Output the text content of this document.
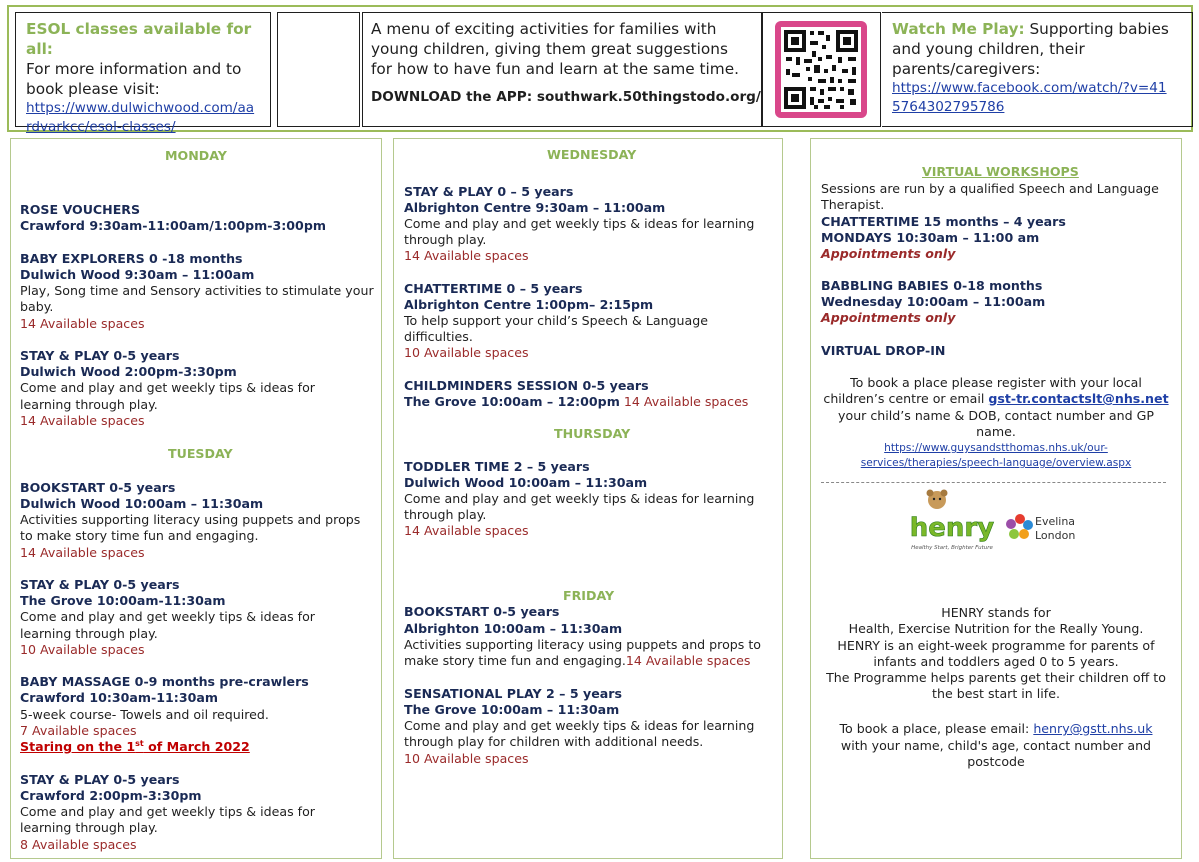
ESOL classes available for all:
For more information and to
book please visit:
https://www.dulwichwood.com/aa
rdvarkcc/esol-classes/
A menu of exciting activities for families with
young children, giving them great suggestions
for how to have fun and learn at the same time.
DOWNLOAD the APP: southwark.50thingstodo.org/
Watch Me Play: Supporting babies
and young children, their
parents/caregivers:
https://www.facebook.com/watch/?v=41
5764302795786
MONDAY
ROSE VOUCHERS
Crawford 9:30am-11:00am/1:00pm-3:00pm
BABY EXPLORERS 0 -18 months
Dulwich Wood 9:30am – 11:00am
Play, Song time and Sensory activities to stimulate your
baby.
14 Available spaces
STAY & PLAY 0-5 years
Dulwich Wood 2:00pm-3:30pm
Come and play and get weekly tips & ideas for
learning through play.
14 Available spaces
TUESDAY
BOOKSTART 0-5 years
Dulwich Wood 10:00am – 11:30am
Activities supporting literacy using puppets and props
to make story time fun and engaging.
14 Available spaces
STAY & PLAY 0-5 years
The Grove 10:00am-11:30am
Come and play and get weekly tips & ideas for
learning through play.
10 Available spaces
BABY MASSAGE 0-9 months pre-crawlers
Crawford 10:30am-11:30am
5-week course- Towels and oil required.
7 Available spaces
Staring on the 1st of March 2022
STAY & PLAY 0-5 years
Crawford 2:00pm-3:30pm
Come and play and get weekly tips & ideas for
learning through play.
8 Available spaces
WEDNESDAY
STAY & PLAY 0 – 5 years
Albrighton Centre 9:30am – 11:00am
Come and play and get weekly tips & ideas for learning
through play.
14 Available spaces
CHATTERTIME 0 – 5 years
Albrighton Centre 1:00pm– 2:15pm
To help support your child’s Speech & Language
difficulties.
10 Available spaces
CHILDMINDERS SESSION 0-5 years
The Grove 10:00am – 12:00pm 14 Available spaces
THURSDAY
TODDLER TIME 2 – 5 years
Dulwich Wood 10:00am – 11:30am
Come and play and get weekly tips & ideas for learning
through play.
14 Available spaces
FRIDAY
BOOKSTART 0-5 years
Albrighton 10:00am – 11:30am
Activities supporting literacy using puppets and props to
make story time fun and engaging.14 Available spaces
SENSATIONAL PLAY 2 – 5 years
The Grove 10:00am – 11:30am
Come and play and get weekly tips & ideas for learning
through play for children with additional needs.
10 Available spaces
VIRTUAL WORKSHOPS
Sessions are run by a qualified Speech and Language
Therapist.
CHATTERTIME 15 months – 4 years
MONDAYS 10:30am – 11:00 am
Appointments only
BABBLING BABIES 0-18 months
Wednesday 10:00am – 11:00am
Appointments only
VIRTUAL DROP-IN
To book a place please register with your local
children’s centre or email gst-tr.contactslt@nhs.net
your child’s name & DOB, contact number and GP
name.
https://www.guysandstthomas.nhs.uk/our-
services/therapies/speech-language/overview.aspx
henry
Healthy Start, Brighter Future
Evelina
London
HENRY stands for
Health, Exercise Nutrition for the Really Young.
HENRY is an eight-week programme for parents of
infants and toddlers aged 0 to 5 years.
The Programme helps parents get their children off to
the best start in life.
To book a place, please email: henry@gstt.nhs.uk
with your name, child's age, contact number and
postcode
